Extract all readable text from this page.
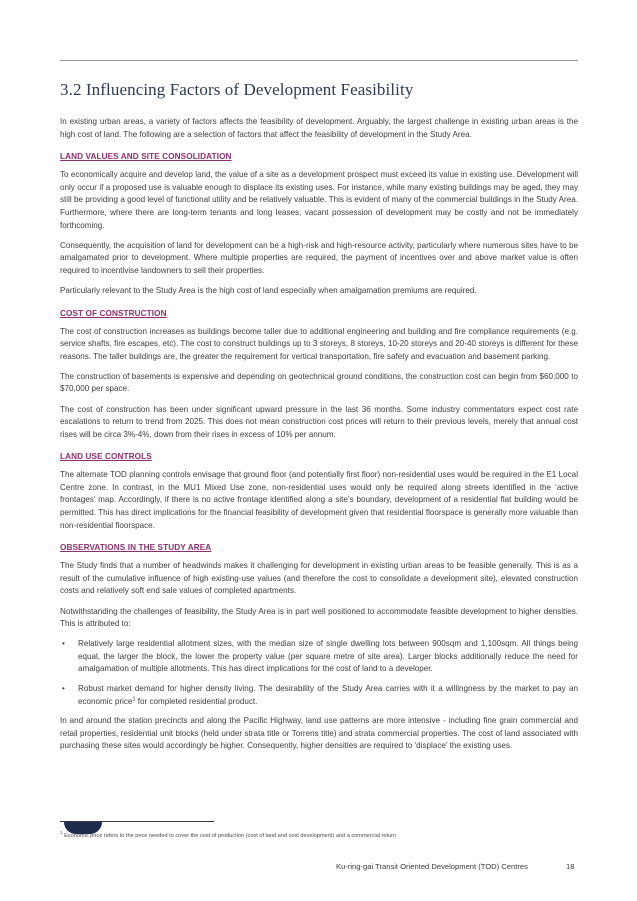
3.2 Influencing Factors of Development Feasibility

In existing urban areas, a variety of factors affects the feasibility of development. Arguably, the largest challenge in existing urban areas is the high cost of land. The following are a selection of factors that affect the feasibility of development in the Study Area.

LAND VALUES AND SITE CONSOLIDATION

To economically acquire and develop land, the value of a site as a development prospect must exceed its value in existing use. Development will only occur if a proposed use is valuable enough to displace its existing uses. For instance, while many existing buildings may be aged, they may still be providing a good level of functional utility and be relatively valuable. This is evident of many of the commercial buildings in the Study Area. Furthermore, where there are long-term tenants and long leases, vacant possession of development may be costly and not be immediately forthcoming.

Consequently, the acquisition of land for development can be a high-risk and high-resource activity, particularly where numerous sites have to be amalgamated prior to development. Where multiple properties are required, the payment of incentives over and above market value is often required to incentivise landowners to sell their properties.

Particularly relevant to the Study Area is the high cost of land especially when amalgamation premiums are required.

COST OF CONSTRUCTION

The cost of construction increases as buildings become taller due to additional engineering and building and fire compliance requirements (e.g. service shafts, fire escapes, etc). The cost to construct buildings up to 3 storeys, 8 storeys, 10-20 storeys and 20-40 storeys is different for these reasons. The taller buildings are, the greater the requirement for vertical transportation, fire safety and evacuation and basement parking.

The construction of basements is expensive and depending on geotechnical ground conditions, the construction cost can begin from $60,000 to $70,000 per space.

The cost of construction has been under significant upward pressure in the last 36 months. Some industry commentators expect cost rate escalations to return to trend from 2025. This does not mean construction cost prices will return to their previous levels, merely that annual cost rises will be circa 3%-4%, down from their rises in excess of 10% per annum.

LAND USE CONTROLS

The alternate TOD planning controls envisage that ground floor (and potentially first floor) non-residential uses would be required in the E1 Local Centre zone. In contrast, in the MU1 Mixed Use zone, non-residential uses would only be required along streets identified in the ‘active frontages’ map. Accordingly, if there is no active frontage identified along a site’s boundary, development of a residential flat building would be permitted. This has direct implications for the financial feasibility of development given that residential floorspace is generally more valuable than non-residential floorspace.

OBSERVATIONS IN THE STUDY AREA

The Study finds that a number of headwinds makes it challenging for development in existing urban areas to be feasible generally. This is as a result of the cumulative influence of high existing-use values (and therefore the cost to consolidate a development site), elevated construction costs and relatively soft end sale values of completed apartments.

Notwithstanding the challenges of feasibility, the Study Area is in part well positioned to accommodate feasible development to higher densities. This is attributed to:

• Relatively large residential allotment sizes, with the median size of single dwelling lots between 900sqm and 1,100sqm. All things being equal, the larger the block, the lower the property value (per square metre of site area). Larger blocks additionally reduce the need for amalgamation of multiple allotments. This has direct implications for the cost of land to a developer.
• Robust market demand for higher density living. The desirability of the Study Area carries with it a willingness by the market to pay an economic price$^1$ for completed residential product.

In and around the station precincts and along the Pacific Highway, land use patterns are more intensive - including fine grain commercial and retail properties, residential unit blocks (held under strata title or Torrens title) and strata commercial properties. The cost of land associated with purchasing these sites would accordingly be higher. Consequently, higher densities are required to ‘displace’ the existing uses.

$^1$ Economic price refers to the price needed to cover the cost of production (cost of land and cost development) and a commercial return
Ku-ring-gai Transit Oriented Development (TOD) Centres	18
